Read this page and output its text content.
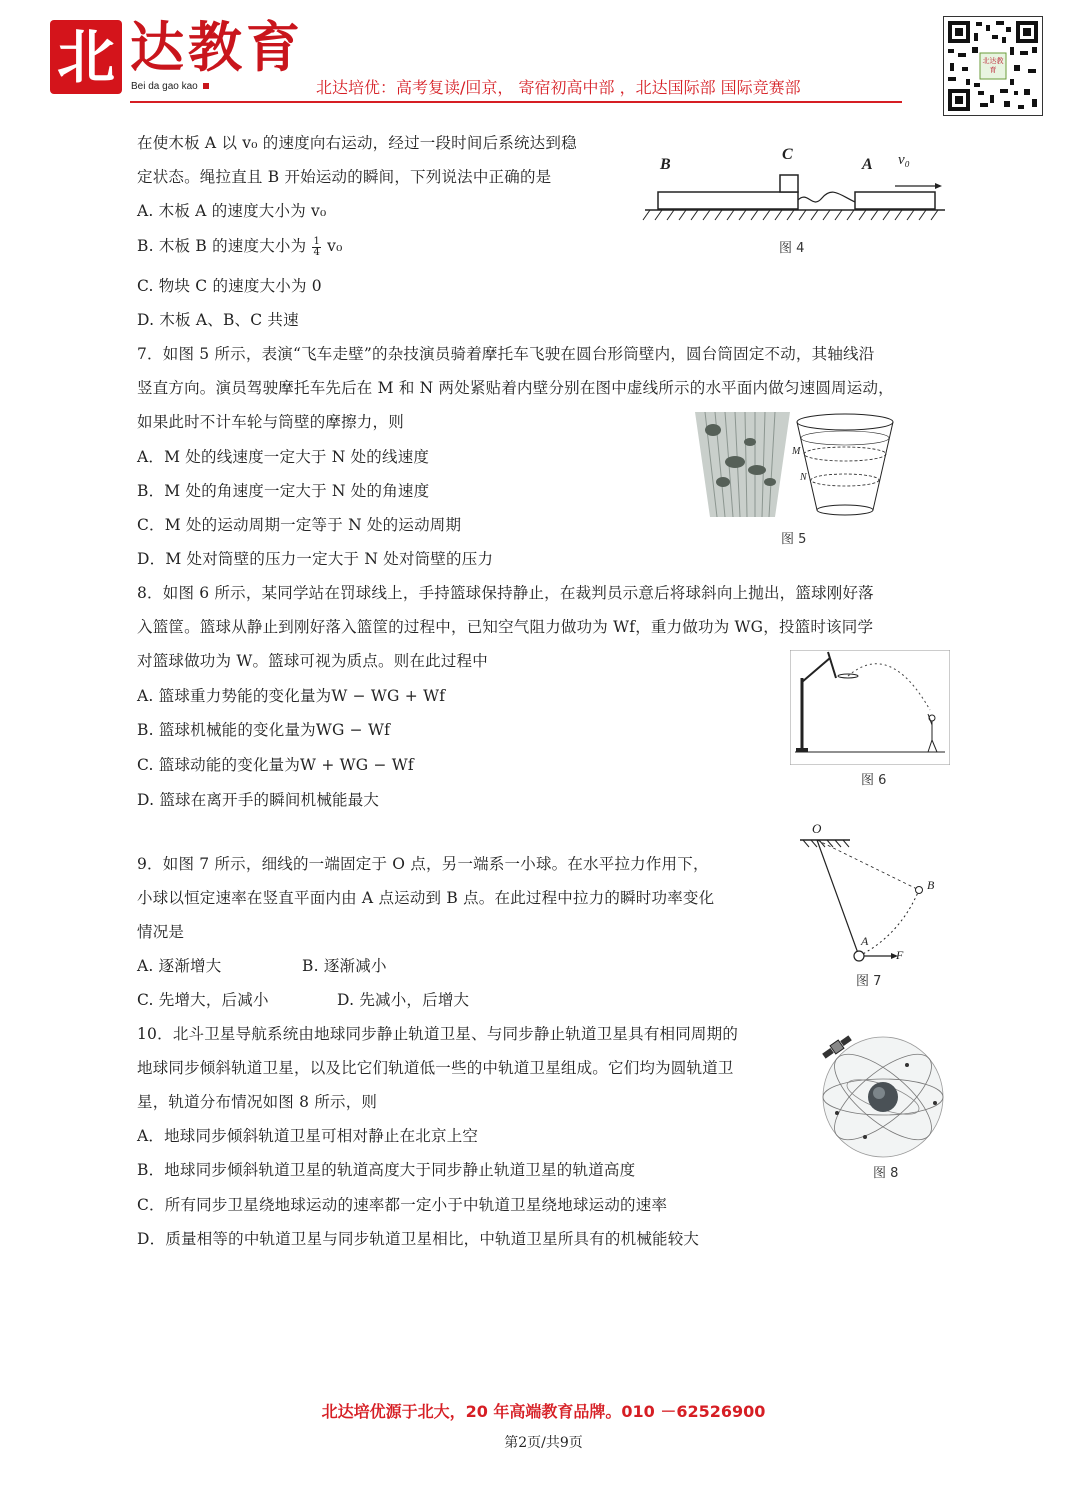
北 达教育
Bei da gao kao	北达培优：高考复读/回京， 寄宿初高中部 ，北达国际部 国际竞赛部
北达教育
在使木板 A 以 v₀ 的速度向右运动，经过一段时间后系统达到稳
定状态。绳拉直且 B 开始运动的瞬间，下列说法中正确的是
A. 木板 A 的速度大小为 v₀
B. 木板 B 的速度大小为 $\frac{1}{4} v_0$
C. 物块 C 的速度大小为 0
D. 木板 A、B、C 共速
B
C
A v₀
图 4
7．如图 5 所示，表演“飞车走壁”的杂技演员骑着摩托车飞驶在圆台形筒壁内，圆台筒固定不动，其轴线沿
竖直方向。演员驾驶摩托车先后在 M 和 N 两处紧贴着内壁分别在图中虚线所示的水平面内做匀速圆周运动，
如果此时不计车轮与筒壁的摩擦力，则
A．M 处的线速度一定大于 N 处的线速度
B．M 处的角速度一定大于 N 处的角速度
C．M 处的运动周期一定等于 N 处的运动周期
D．M 处对筒壁的压力一定大于 N 处对筒壁的压力
M
N
图 5
8．如图 6 所示，某同学站在罚球线上，手持篮球保持静止，在裁判员示意后将球斜向上抛出，篮球刚好落
入篮筐。篮球从静止到刚好落入篮筐的过程中，已知空气阻力做功为 Wf，重力做功为 WG，投篮时该同学
对篮球做功为 W。篮球可视为质点。则在此过程中
A. 篮球重力势能的变化量为W − WG + Wf
B. 篮球机械能的变化量为WG − Wf
C. 篮球动能的变化量为W + WG − Wf
D. 篮球在离开手的瞬间机械能最大
图 6
9．如图 7 所示，细线的一端固定于 O 点，另一端系一小球。在水平拉力作用下，
小球以恒定速率在竖直平面内由 A 点运动到 B 点。在此过程中拉力的瞬时功率变化
情况是
A. 逐渐增大	B. 逐渐减小
C. 先增大，后减小	D. 先减小，后增大
O
A
B
F
图 7
10．北斗卫星导航系统由地球同步静止轨道卫星、与同步静止轨道卫星具有相同周期的
地球同步倾斜轨道卫星，以及比它们轨道低一些的中轨道卫星组成。它们均为圆轨道卫
星，轨道分布情况如图 8 所示，则
A．地球同步倾斜轨道卫星可相对静止在北京上空
B．地球同步倾斜轨道卫星的轨道高度大于同步静止轨道卫星的轨道高度
C．所有同步卫星绕地球运动的速率都一定小于中轨道卫星绕地球运动的速率
D．质量相等的中轨道卫星与同步轨道卫星相比，中轨道卫星所具有的机械能较大
图 8
北达培优源于北大，20 年高端教育品牌。010 －62526900
第2页/共9页
